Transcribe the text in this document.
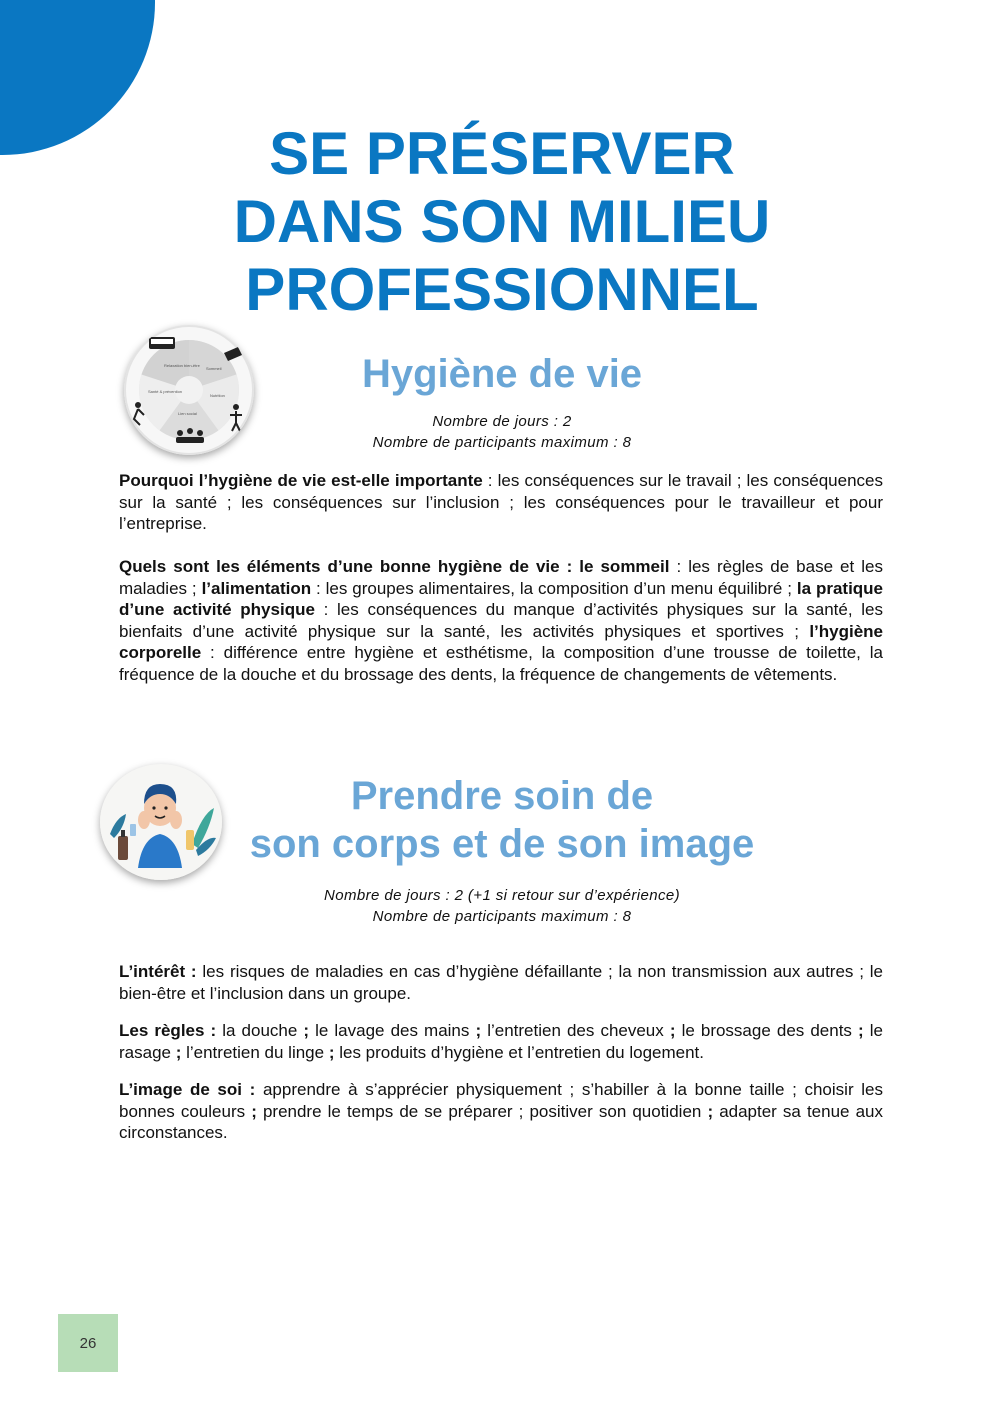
SE PRÉSERVER
DANS SON MILIEU
PROFESSIONNEL
Relaxation bien-être
Sommeil
Santé & prévention
Nutrition
Lien social
Hygiène de vie
Nombre de jours : 2
Nombre de participants maximum : 8

Pourquoi l’hygiène de vie est-elle importante : les conséquences sur le travail ; les conséquences sur la santé ; les conséquences sur l’inclusion ; les conséquences pour le travailleur et pour l’entreprise.

Quels sont les éléments d’une bonne hygiène de vie : le sommeil : les règles de base et les maladies ; l’alimentation : les groupes alimentaires, la composition d’un menu équilibré ; la pratique d’une activité physique : les conséquences du manque d’activités physiques sur la santé, les bienfaits d’une activité physique sur la santé, les activités physiques et sportives ; l’hygiène corporelle : différence entre hygiène et esthétisme, la composition d’une trousse de toilette, la fréquence de la douche et du brossage des dents, la fréquence de changements de vêtements.

Prendre soin de
son corps et de son image
Nombre de jours : 2 (+1 si retour sur d’expérience)
Nombre de participants maximum : 8

L’intérêt : les risques de maladies en cas d’hygiène défaillante ; la non transmission aux autres ; le bien-être et l’inclusion dans un groupe.

Les règles : la douche ; le lavage des mains ; l’entretien des cheveux ; le brossage des dents ; le rasage ; l’entretien du linge ; les produits d’hygiène et l’entretien du logement.

L’image de soi : apprendre à s’apprécier physiquement ; s’habiller à la bonne taille ; choisir les bonnes couleurs ; prendre le temps de se préparer ; positiver son quotidien ; adapter sa tenue aux circonstances.

26
